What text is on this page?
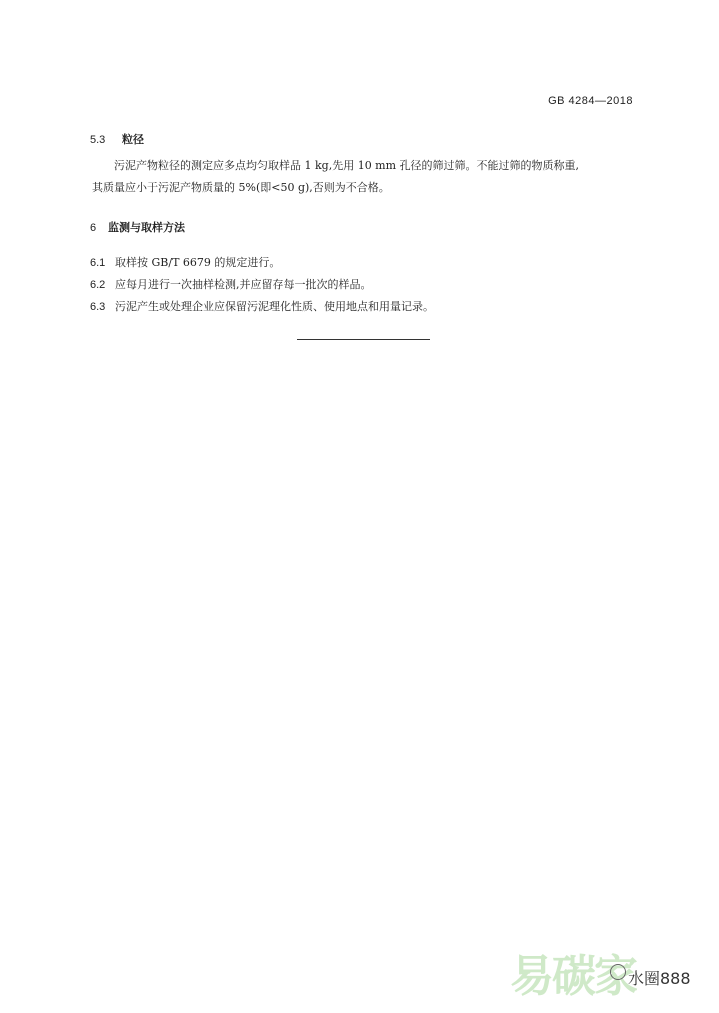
GB 4284—2018
5.3 粒径
污泥产物粒径的测定应多点均匀取样品 1 kg,先用 10 mm 孔径的筛过筛。不能过筛的物质称重,
其质量应小于污泥产物质量的 5%(即<50 g),否则为不合格。
6 监测与取样方法
6.1 取样按 GB/T 6679 的规定进行。
6.2 应每月进行一次抽样检测,并应留存每一批次的样品。
6.3 污泥产生或处理企业应保留污泥理化性质、使用地点和用量记录。
易碳家
水圈888
